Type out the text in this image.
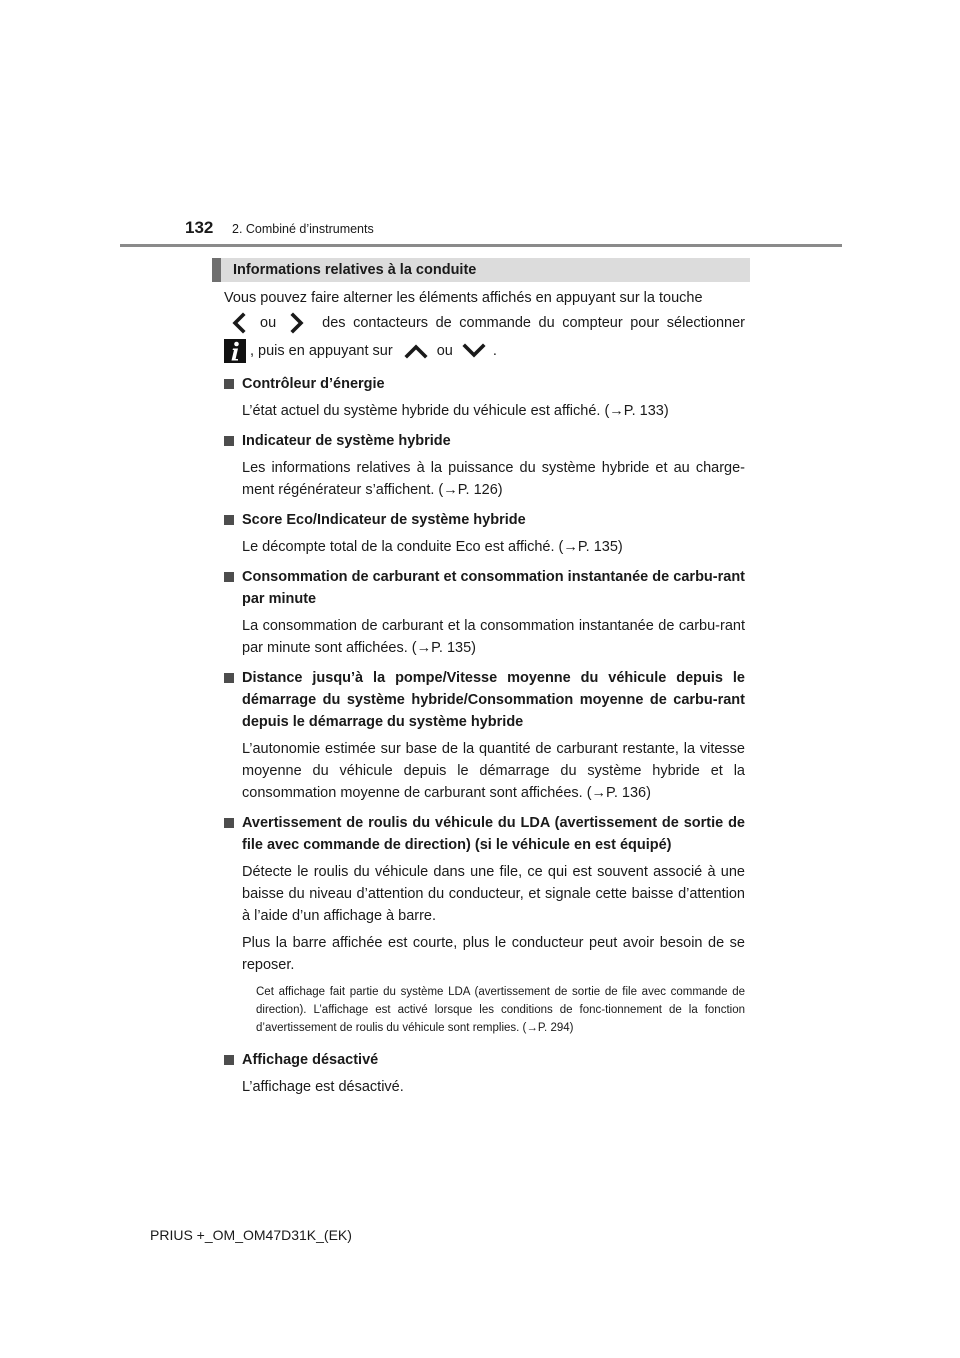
132 2. Combiné d’instruments
Informations relatives à la conduite

Vous pouvez faire alterner les éléments affichés en appuyant sur la touche

ou	des contacteurs de commande du compteur pour sélectionner
, puis en appuyant sur	ou	.
Contrôleur d’énergie

L’état actuel du système hybride du véhicule est affiché. (→P. 133)

Indicateur de système hybride

Les informations relatives à la puissance du système hybride et au charge-ment régénérateur s’affichent. (→P. 126)

Score Eco/Indicateur de système hybride

Le décompte total de la conduite Eco est affiché. (→P. 135)

Consommation de carburant et consommation instantanée de carbu-rant par minute

La consommation de carburant et la consommation instantanée de carbu-rant par minute sont affichées. (→P. 135)

Distance jusqu’à la pompe/Vitesse moyenne du véhicule depuis le démarrage du système hybride/Consommation moyenne de carbu-rant depuis le démarrage du système hybride

L’autonomie estimée sur base de la quantité de carburant restante, la vitesse moyenne du véhicule depuis le démarrage du système hybride et la consommation moyenne de carburant sont affichées. (→P. 136)

Avertissement de roulis du véhicule du LDA (avertissement de sortie de file avec commande de direction) (si le véhicule en est équipé)

Détecte le roulis du véhicule dans une file, ce qui est souvent associé à une baisse du niveau d’attention du conducteur, et signale cette baisse d’attention à l’aide d’un affichage à barre.

Plus la barre affichée est courte, plus le conducteur peut avoir besoin de se reposer.

Cet affichage fait partie du système LDA (avertissement de sortie de file avec commande de direction). L’affichage est activé lorsque les conditions de fonc-tionnement de la fonction d’avertissement de roulis du véhicule sont remplies. (→P. 294)
Affichage désactivé

L’affichage est désactivé.

PRIUS +_OM_OM47D31K_(EK)
